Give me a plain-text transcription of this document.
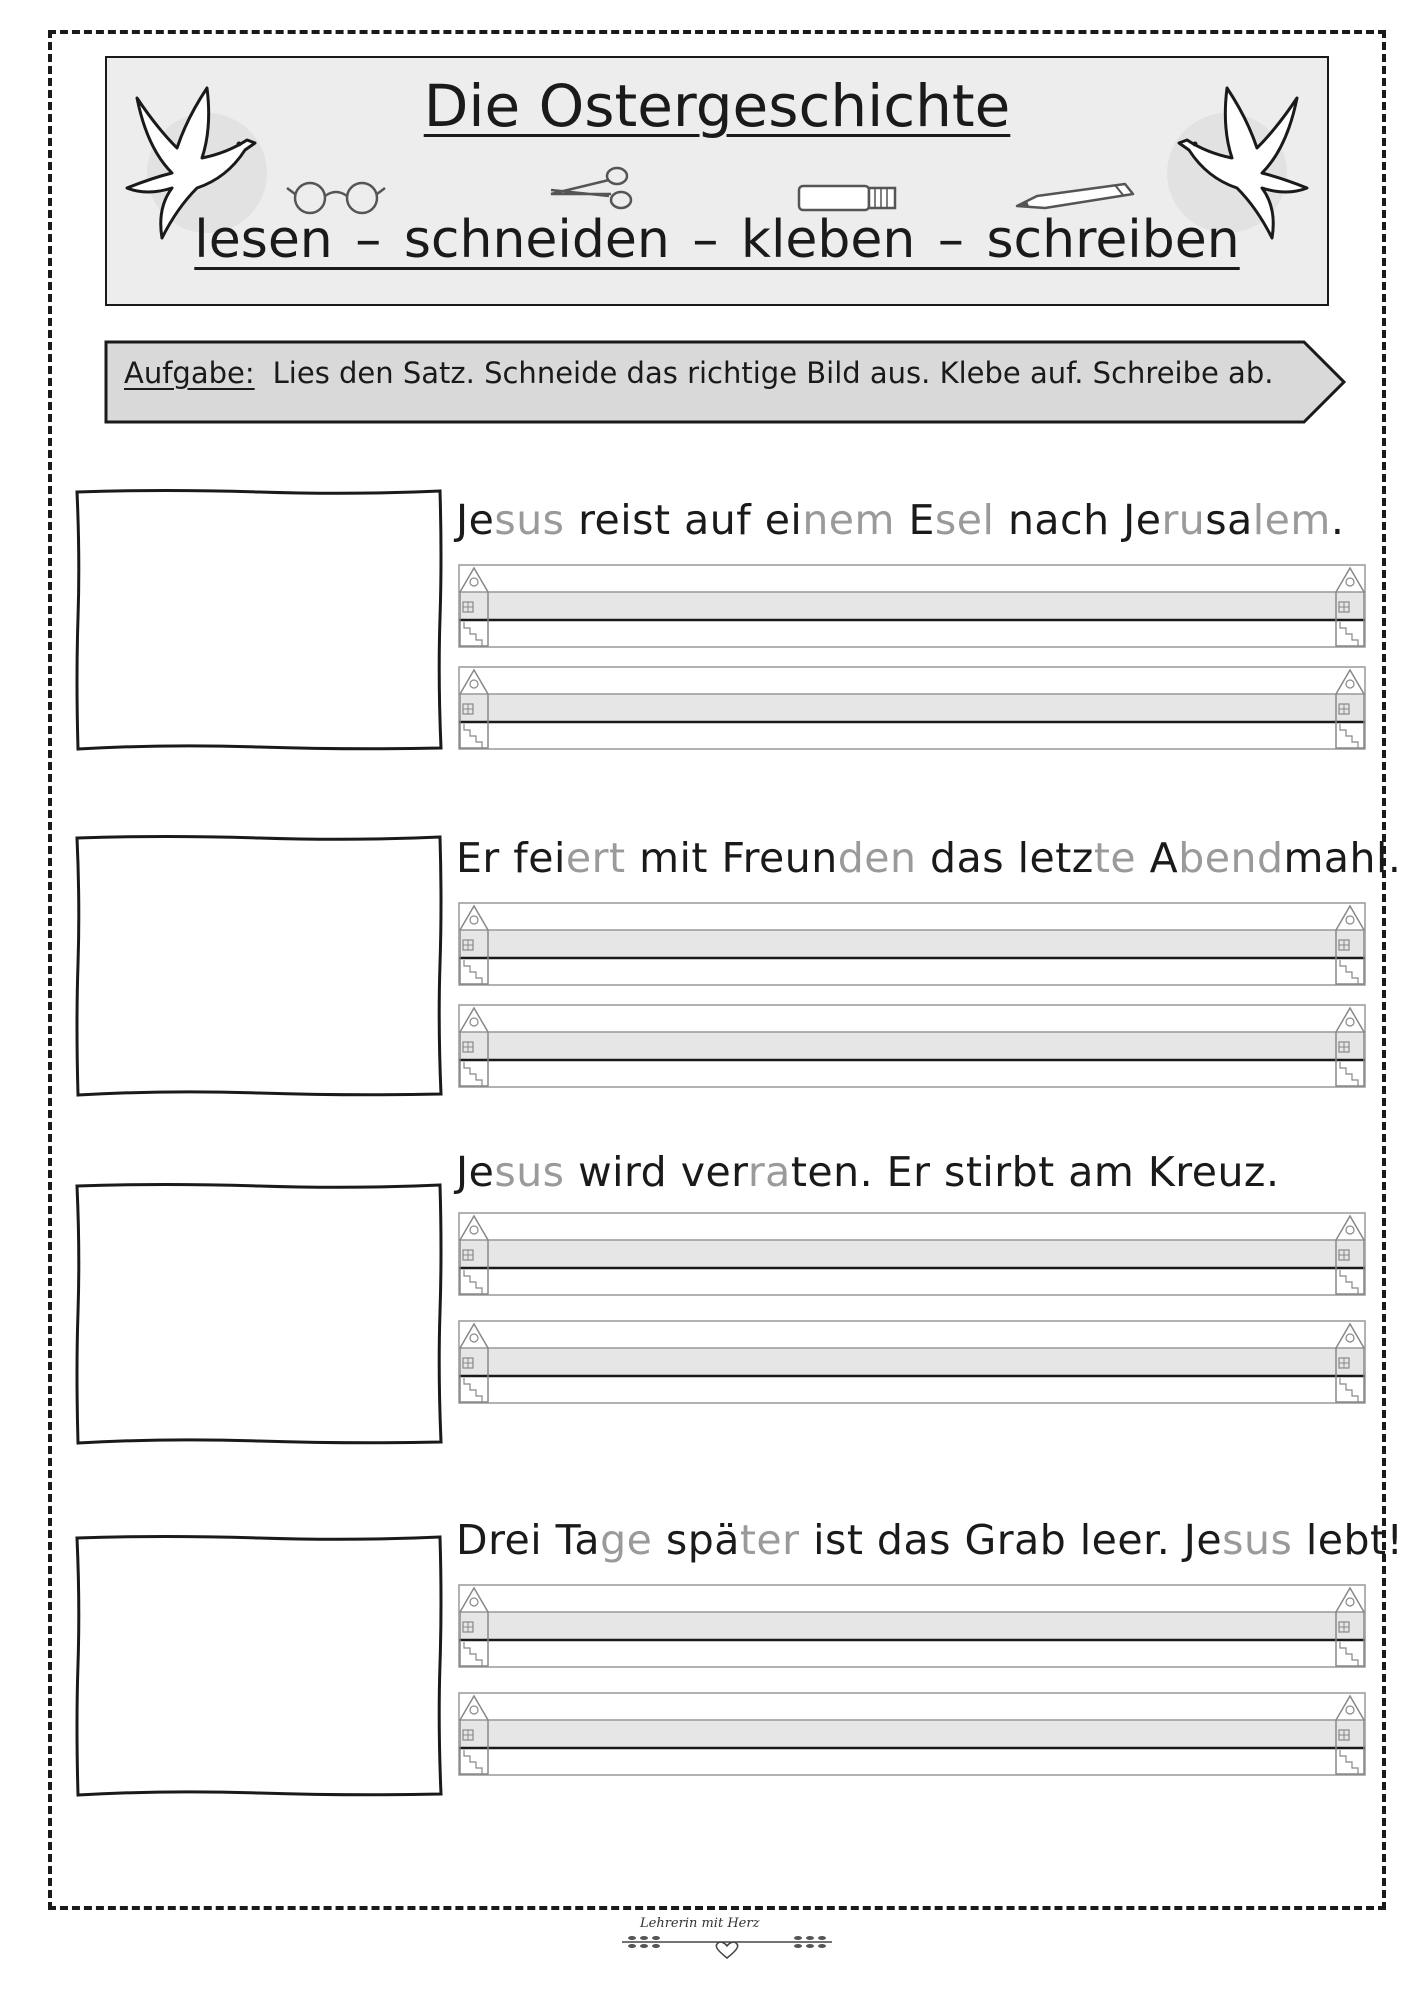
Die Ostergeschichte
lesen – schneiden – kleben – schreiben
Aufgabe: Lies den Satz. Schneide das richtige Bild aus. Klebe auf. Schreibe ab.
Jesus reist auf einem Esel nach Jerusalem.
Er feiert mit Freunden das letzte Abendmahl.
Jesus wird verraten. Er stirbt am Kreuz.
Drei Tage später ist das Grab leer. Jesus lebt!
Lehrerin mit Herz
